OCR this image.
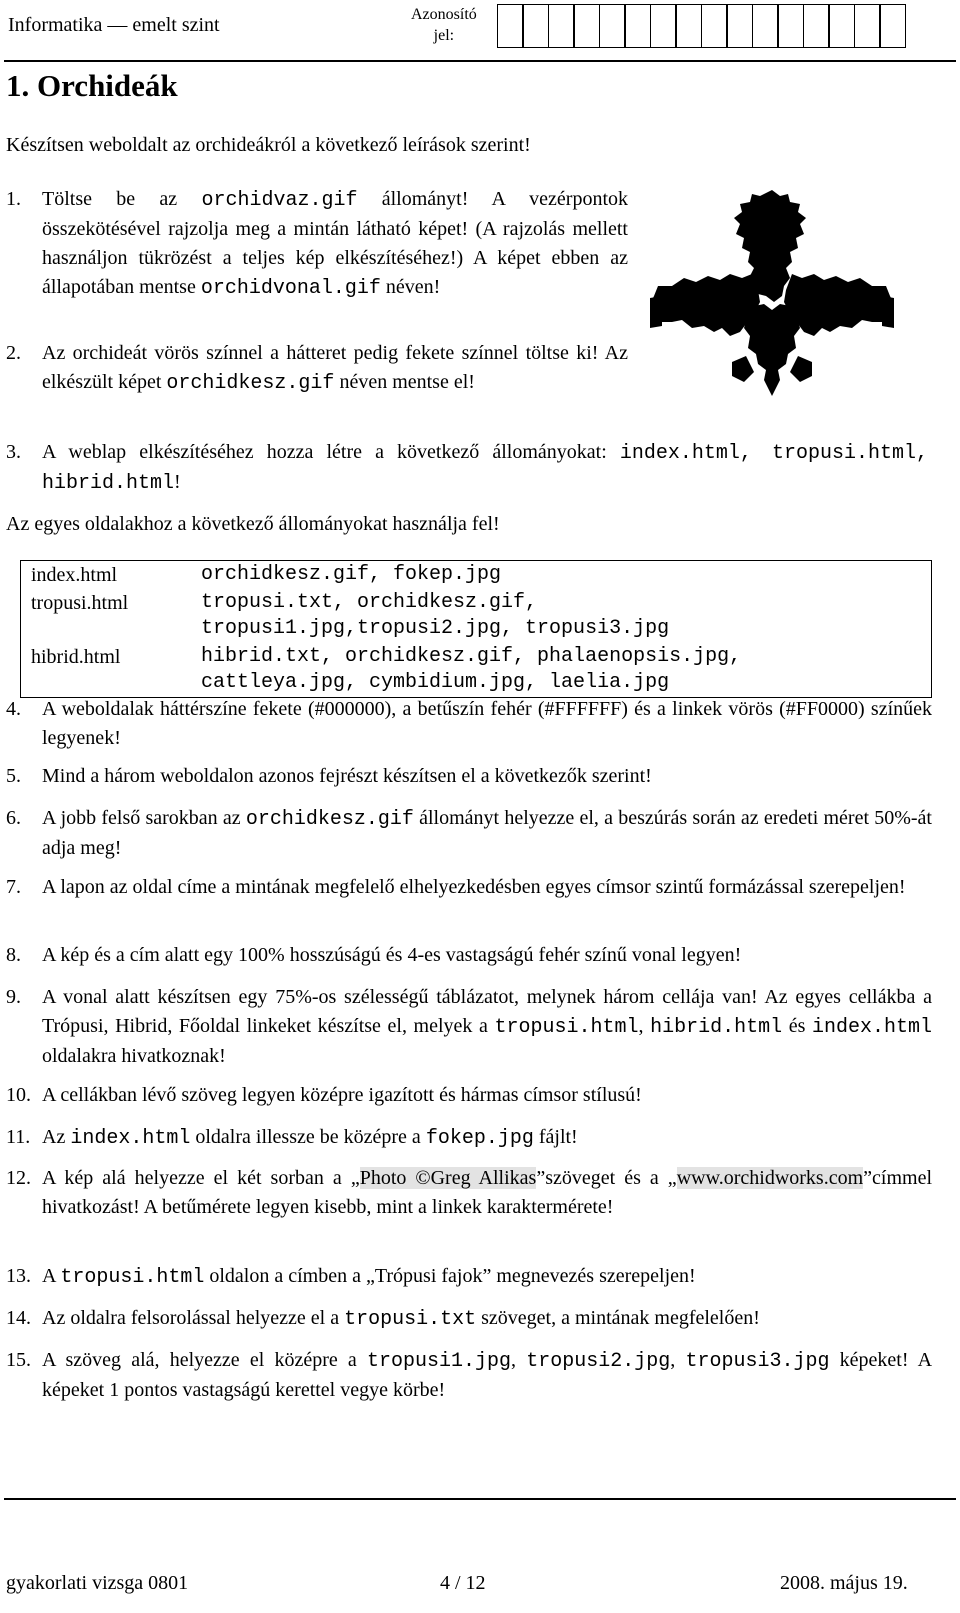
Informatika — emelt szint	Azonosító
jel:
1. Orchideák
Készítsen weboldalt az orchideákról a következő leírások szerint!
1. Töltse be az orchidvaz.gif állományt! A vezérpontok összekötésével rajzolja meg a mintán látható képet! (A rajzolás mellett használjon tükrözést a teljes kép elkészítéséhez!) A képet ebben az állapotában mentse orchidvonal.gif néven!
2. Az orchideát vörös színnel a hátteret pedig fekete színnel töltse ki! Az elkészült képet orchidkesz.gif néven mentse el!
3. A weblap elkészítéséhez hozza létre a következő állományokat: index.html, tropusi.html, hibrid.html!
Az egyes oldalakhoz a következő állományokat használja fel!
index.html	orchidkesz.gif, fokep.jpg
tropusi.html	tropusi.txt, orchidkesz.gif,
tropusi1.jpg,tropusi2.jpg, tropusi3.jpg
hibrid.html	hibrid.txt, orchidkesz.gif, phalaenopsis.jpg,
cattleya.jpg, cymbidium.jpg, laelia.jpg
4. A weboldalak háttérszíne fekete (#000000), a betűszín fehér (#FFFFFF) és a linkek vörös (#FF0000) színűek legyenek!
5. Mind a három weboldalon azonos fejrészt készítsen el a következők szerint!
6. A jobb felső sarokban az orchidkesz.gif állományt helyezze el, a beszúrás során az eredeti méret 50%-át adja meg!
7. A lapon az oldal címe a mintának megfelelő elhelyezkedésben egyes címsor szintű formázással szerepeljen!
8. A kép és a cím alatt egy 100% hosszúságú és 4-es vastagságú fehér színű vonal legyen!
9. A vonal alatt készítsen egy 75%-os szélességű táblázatot, melynek három cellája van! Az egyes cellákba a Trópusi, Hibrid, Főoldal linkeket készítse el, melyek a tropusi.html, hibrid.html és index.html oldalakra hivatkoznak!
10. A cellákban lévő szöveg legyen középre igazított és hármas címsor stílusú!
11. Az index.html oldalra illessze be középre a fokep.jpg fájlt!
12. A kép alá helyezze el két sorban a „Photo ©Greg Allikas”szöveget és a „www.orchidworks.com”címmel hivatkozást! A betűmérete legyen kisebb, mint a linkek karaktermérete!
13. A tropusi.html oldalon a címben a „Trópusi fajok” megnevezés szerepeljen!
14. Az oldalra felsorolással helyezze el a tropusi.txt szöveget, a mintának megfelelően!
15. A szöveg alá, helyezze el középre a tropusi1.jpg, tropusi2.jpg, tropusi3.jpg képeket! A képeket 1 pontos vastagságú kerettel vegye körbe!
gyakorlati vizsga 0801	4 / 12	2008. május 19.
